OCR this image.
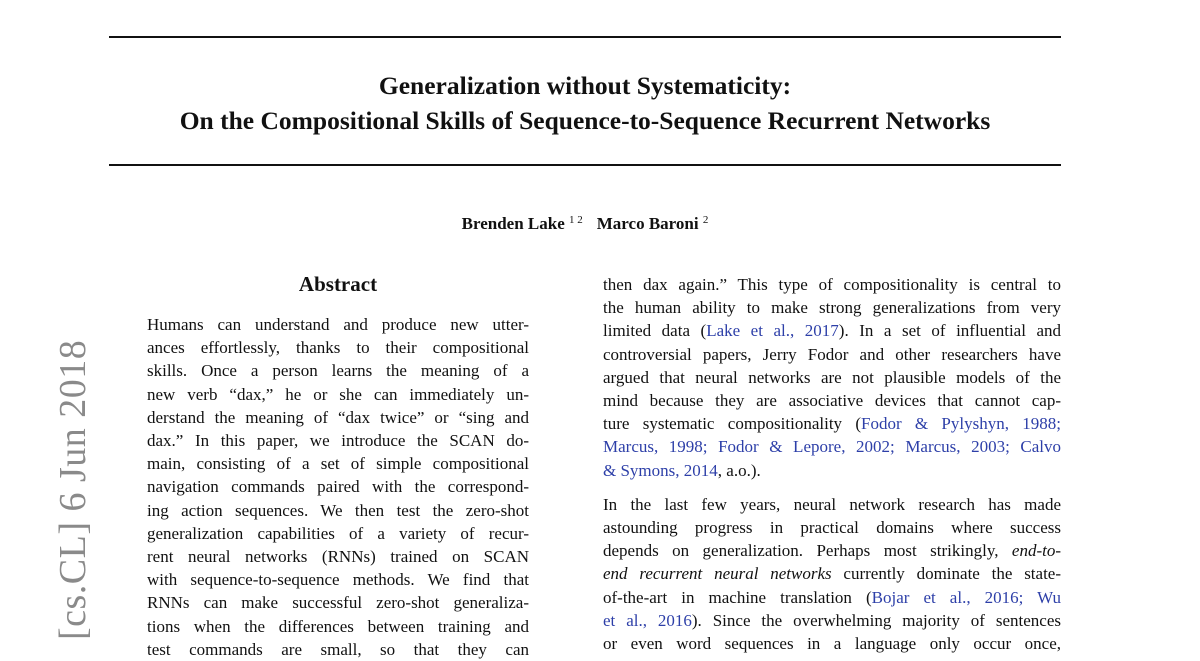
Generalization without Systematicity:
On the Compositional Skills of Sequence-to-Sequence Recurrent Networks
Brenden Lake $^{1 2}$ Marco Baroni $^2$
[cs.CL] 6 Jun 2018
Abstract
Humans can understand and produce new utter-
ances effortlessly, thanks to their compositional
skills. Once a person learns the meaning of a
new verb “dax,” he or she can immediately un-
derstand the meaning of “dax twice” or “sing and
dax.” In this paper, we introduce the SCAN do-
main, consisting of a set of simple compositional
navigation commands paired with the correspond-
ing action sequences. We then test the zero-shot
generalization capabilities of a variety of recur-
rent neural networks (RNNs) trained on SCAN
with sequence-to-sequence methods. We find that
RNNs can make successful zero-shot generaliza-
tions when the differences between training and
test commands are small, so that they can
then dax again.” This type of compositionality is central to
the human ability to make strong generalizations from very
limited data (Lake et al., 2017). In a set of influential and
controversial papers, Jerry Fodor and other researchers have
argued that neural networks are not plausible models of the
mind because they are associative devices that cannot cap-
ture systematic compositionality (Fodor & Pylyshyn, 1988;
Marcus, 1998; Fodor & Lepore, 2002; Marcus, 2003; Calvo
& Symons, 2014, a.o.).
In the last few years, neural network research has made
astounding progress in practical domains where success
depends on generalization. Perhaps most strikingly, end-to-
end recurrent neural networks currently dominate the state-
of-the-art in machine translation (Bojar et al., 2016; Wu
et al., 2016). Since the overwhelming majority of sentences
or even word sequences in a language only occur once,
